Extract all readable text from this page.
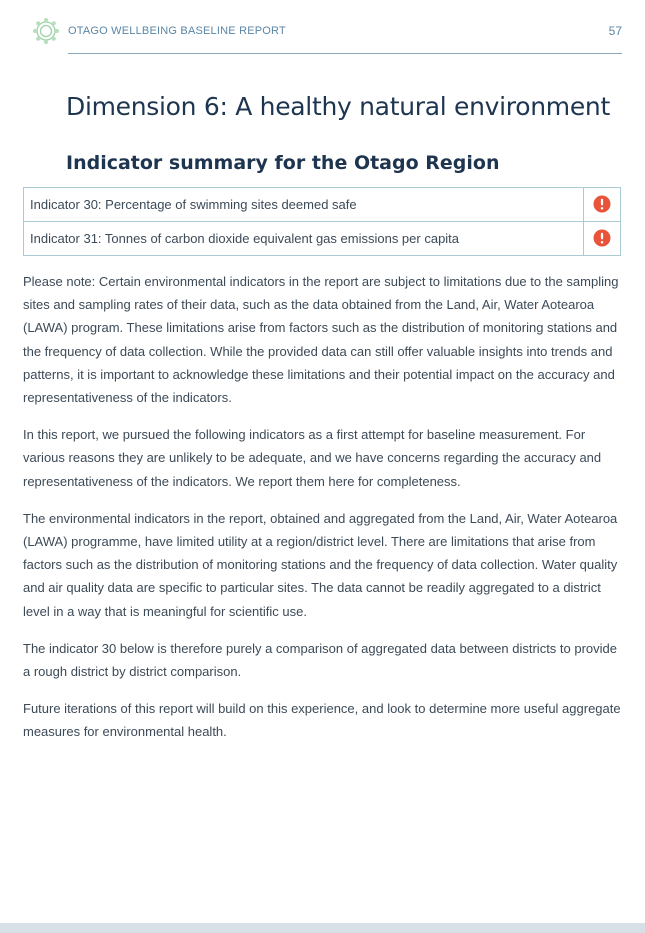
OTAGO WELLBEING BASELINE REPORT	57
Dimension 6: A healthy natural environment
Indicator summary for the Otago Region
Indicator 30: Percentage of swimming sites deemed safe	
Indicator 31: Tonnes of carbon dioxide equivalent gas emissions per capita	

Please note: Certain environmental indicators in the report are subject to limitations due to the sampling sites and sampling rates of their data, such as the data obtained from the Land, Air, Water Aotearoa (LAWA) program. These limitations arise from factors such as the distribution of monitoring stations and the frequency of data collection. While the provided data can still offer valuable insights into trends and patterns, it is important to acknowledge these limitations and their potential impact on the accuracy and representativeness of the indicators.

In this report, we pursued the following indicators as a first attempt for baseline measurement. For various reasons they are unlikely to be adequate, and we have concerns regarding the accuracy and representativeness of the indicators. We report them here for completeness.

The environmental indicators in the report, obtained and aggregated from the Land, Air, Water Aotearoa (LAWA) programme, have limited utility at a region/district level. There are limitations that arise from factors such as the distribution of monitoring stations and the frequency of data collection. Water quality and air quality data are specific to particular sites. The data cannot be readily aggregated to a district level in a way that is meaningful for scientific use.

The indicator 30 below is therefore purely a comparison of aggregated data between districts to provide a rough district by district comparison.

Future iterations of this report will build on this experience, and look to determine more useful aggregate measures for environmental health.
